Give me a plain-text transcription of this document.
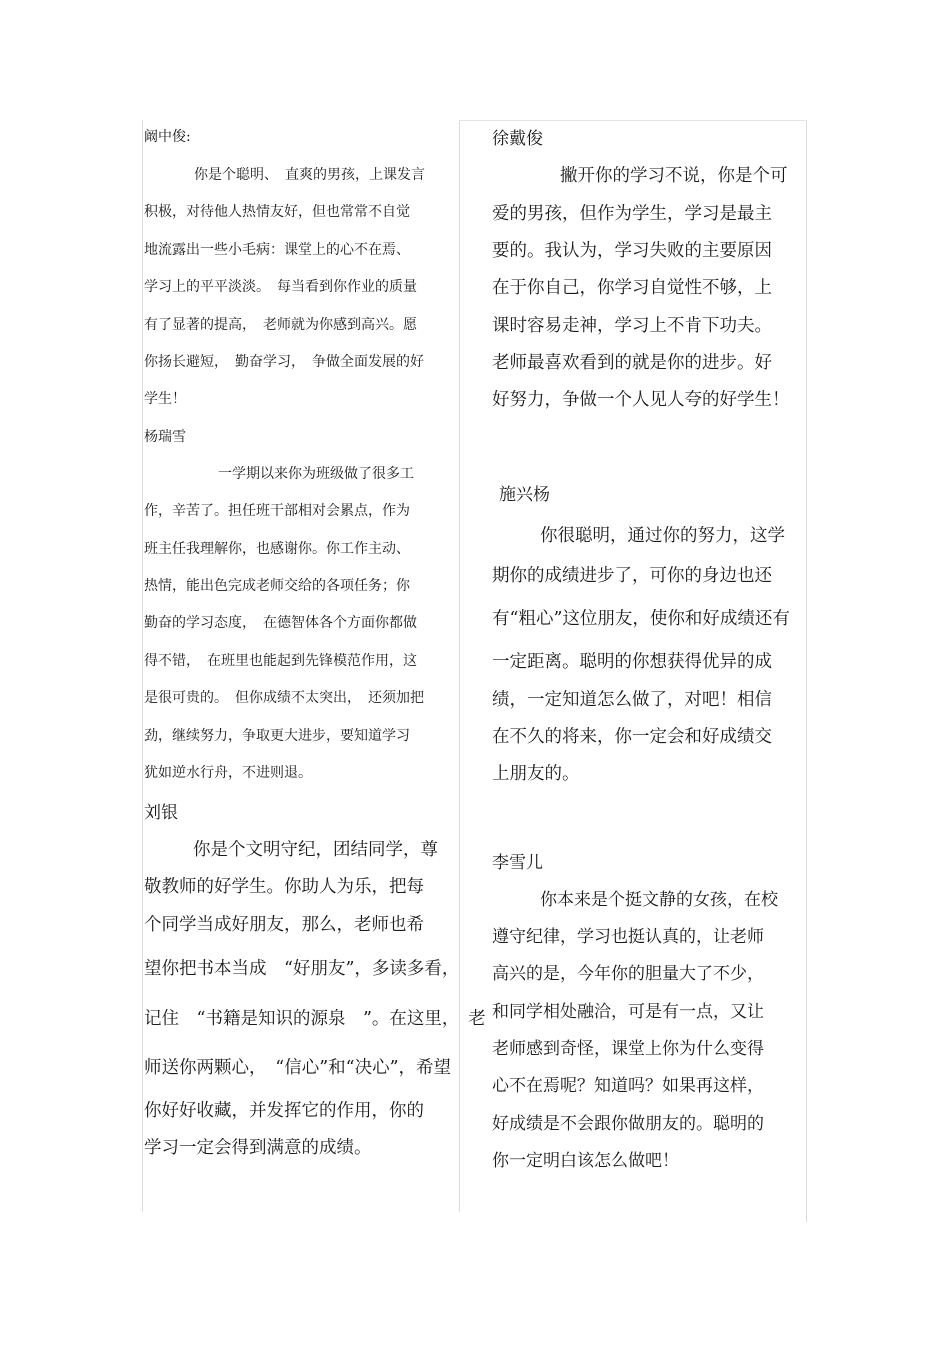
阚中俊:

你是个聪明、　直爽的男孩，上课发言

积极，对待他人热情友好，但也常常不自觉

地流露出一些小毛病：课堂上的心不在焉、

学习上的平平淡淡。　每当看到你作业的质量

有了显著的提高，　老师就为你感到高兴。愿

你扬长避短，　勤奋学习，　争做全面发展的好

学生！

杨瑞雪

一学期以来你为班级做了很多工

作，辛苦了。担任班干部相对会累点，作为

班主任我理解你，也感谢你。你工作主动、

热情，能出色完成老师交给的各项任务；你

勤奋的学习态度，　在德智体各个方面你都做

得不错，　在班里也能起到先锋模范作用，这

是很可贵的。　但你成绩不太突出，　还须加把

劲，继续努力，争取更大进步，要知道学习

犹如逆水行舟，不进则退。

刘银

你是个文明守纪，团结同学，尊

敬教师的好学生。你助人为乐，把每

个同学当成好朋友，那么，老师也希

望你把书本当成　“好朋友”，多读多看，

记住　“书籍是知识的源泉　”。在这里，　老

师送你两颗心，　“信心”和“决心”，希望

你好好收藏，并发挥它的作用，你的

学习一定会得到满意的成绩。

徐戴俊

撇开你的学习不说，你是个可

爱的男孩，但作为学生，学习是最主

要的。我认为，学习失败的主要原因

在于你自己，你学习自觉性不够，上

课时容易走神，学习上不肯下功夫。

老师最喜欢看到的就是你的进步。好

好努力，争做一个人见人夸的好学生！

施兴杨

你很聪明，通过你的努力，这学

期你的成绩进步了，可你的身边也还

有“粗心”这位朋友，使你和好成绩还有

一定距离。聪明的你想获得优异的成

绩，一定知道怎么做了，对吧！相信

在不久的将来，你一定会和好成绩交

上朋友的。

李雪儿

你本来是个挺文静的女孩，在校

遵守纪律，学习也挺认真的，让老师

高兴的是，今年你的胆量大了不少，

和同学相处融洽，可是有一点，又让

老师感到奇怪，课堂上你为什么变得

心不在焉呢？知道吗？如果再这样，

好成绩是不会跟你做朋友的。聪明的

你一定明白该怎么做吧！
